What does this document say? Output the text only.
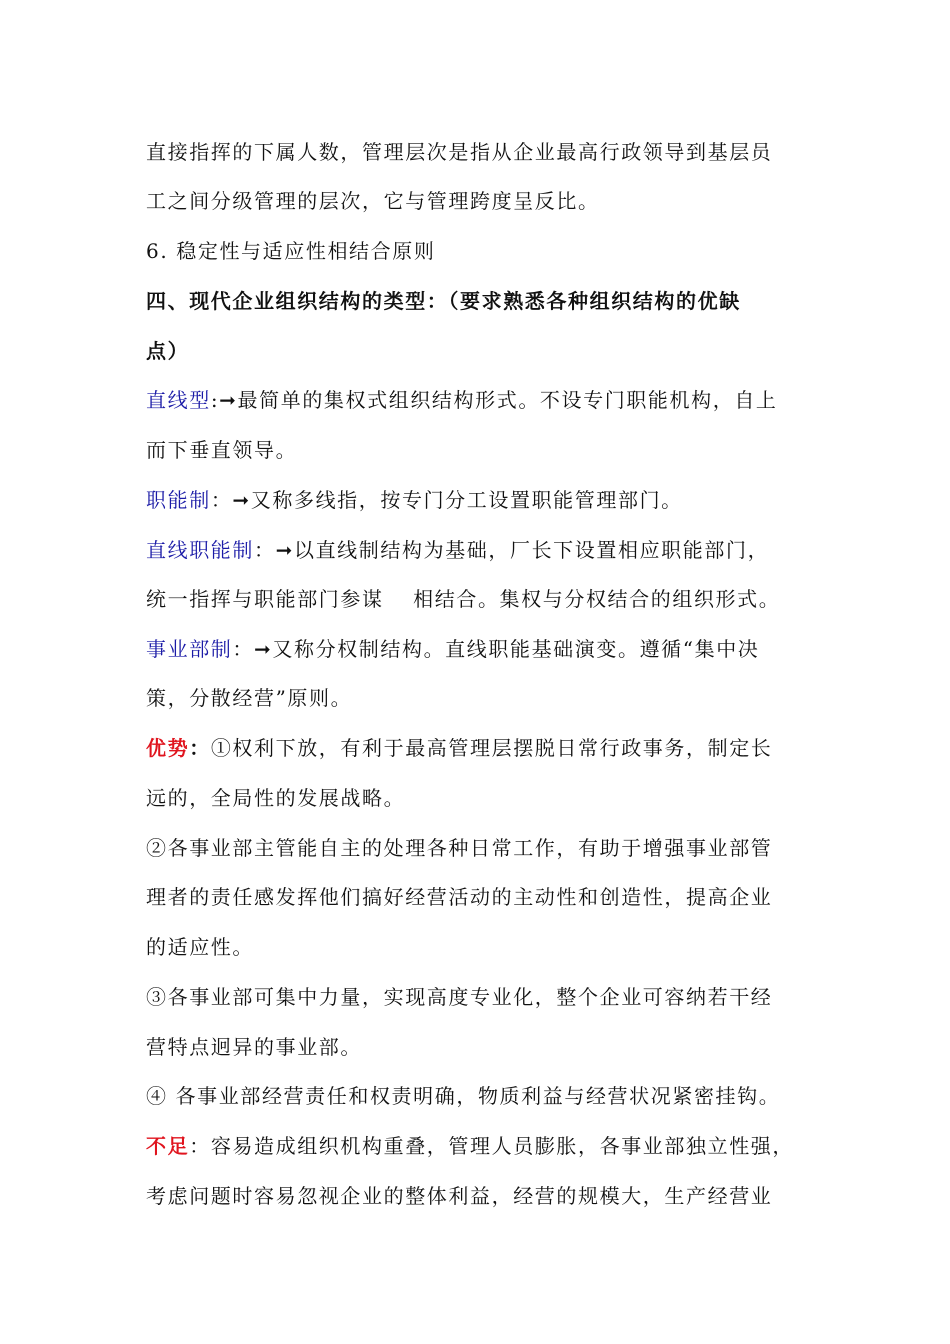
直接指挥的下属人数，管理层次是指从企业最高行政领导到基层员
工之间分级管理的层次，它与管理跨度呈反比。
6. 稳定性与适应性相结合原则
四、现代企业组织结构的类型：（要求熟悉各种组织结构的优缺
点）
直线型:➞最简单的集权式组织结构形式。不设专门职能机构，自上
而下垂直领导。
职能制：➞又称多线指，按专门分工设置职能管理部门。
直线职能制：➞以直线制结构为基础，厂长下设置相应职能部门，
统一指挥与职能部门参谋　 相结合。集权与分权结合的组织形式。
事业部制：➞又称分权制结构。直线职能基础演变。遵循“集中决
策，分散经营”原则。
优势：①权利下放，有利于最高管理层摆脱日常行政事务，制定长
远的，全局性的发展战略。
②各事业部主管能自主的处理各种日常工作，有助于增强事业部管
理者的责任感发挥他们搞好经营活动的主动性和创造性，提高企业
的适应性。
③各事业部可集中力量，实现高度专业化，整个企业可容纳若干经
营特点迥异的事业部。
④ 各事业部经营责任和权责明确，物质利益与经营状况紧密挂钩。
不足：容易造成组织机构重叠，管理人员膨胀，各事业部独立性强，
考虑问题时容易忽视企业的整体利益，经营的规模大，生产经营业
